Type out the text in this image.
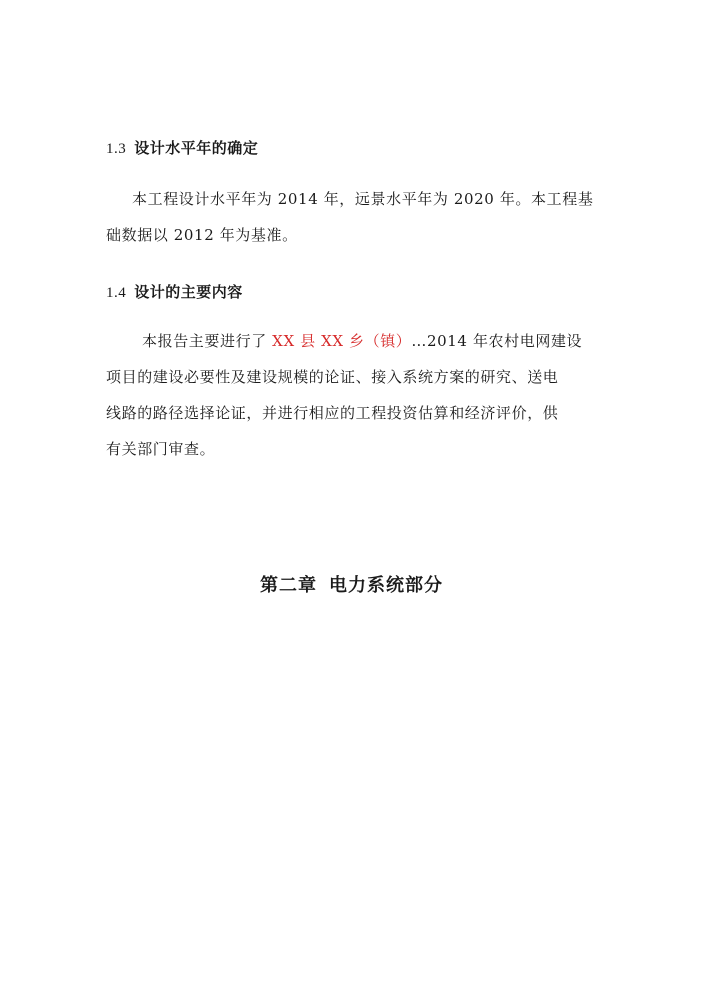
1.3 设计水平年的确定
本工程设计水平年为 2014 年，远景水平年为 2020 年。本工程基
础数据以 2012 年为基准。
1.4 设计的主要内容
本报告主要进行了 XX 县 XX 乡（镇）…2014 年农村电网建设
项目的建设必要性及建设规模的论证、接入系统方案的研究、送电
线路的路径选择论证，并进行相应的工程投资估算和经济评价，供
有关部门审查。
第二章 电力系统部分
